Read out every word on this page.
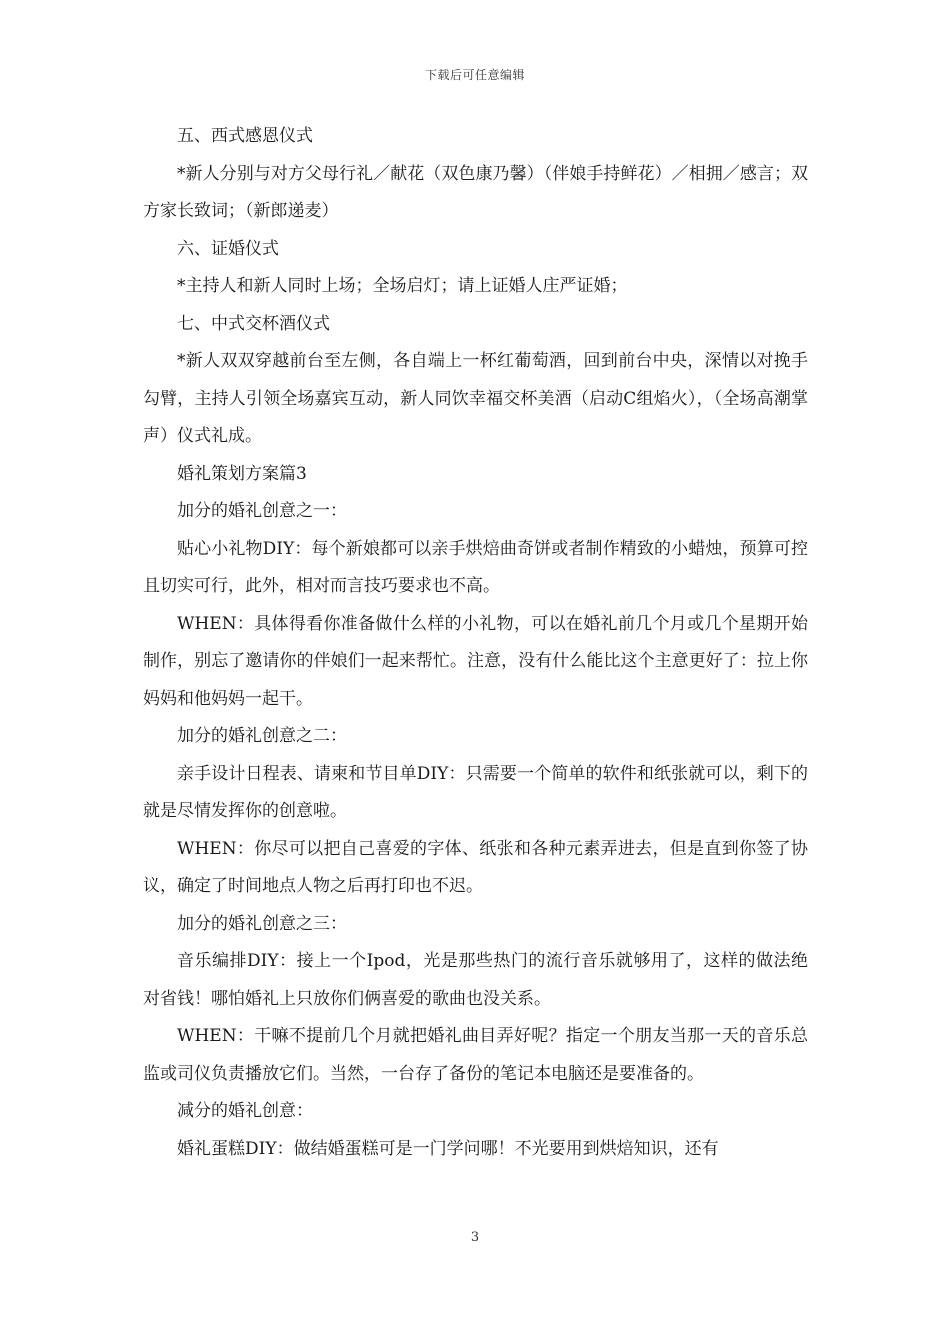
下载后可任意编辑

五、西式感恩仪式

*新人分别与对方父母行礼／献花（双色康乃馨）（伴娘手持鲜花）／相拥／感言；双方家长致词；（新郎递麦）

六、证婚仪式

*主持人和新人同时上场；全场启灯；请上证婚人庄严证婚；

七、中式交杯酒仪式

*新人双双穿越前台至左侧，各自端上一杯红葡萄酒，回到前台中央，深情以对挽手勾臂，主持人引领全场嘉宾互动，新人同饮幸福交杯美酒（启动C组焰火），（全场高潮掌声）仪式礼成。

婚礼策划方案篇3

加分的婚礼创意之一：

贴心小礼物DIY：每个新娘都可以亲手烘焙曲奇饼或者制作精致的小蜡烛，预算可控且切实可行，此外，相对而言技巧要求也不高。

WHEN：具体得看你准备做什么样的小礼物，可以在婚礼前几个月或几个星期开始制作，别忘了邀请你的伴娘们一起来帮忙。注意，没有什么能比这个主意更好了：拉上你妈妈和他妈妈一起干。

加分的婚礼创意之二：

亲手设计日程表、请柬和节目单DIY：只需要一个简单的软件和纸张就可以，剩下的就是尽情发挥你的创意啦。

WHEN：你尽可以把自己喜爱的字体、纸张和各种元素弄进去，但是直到你签了协议，确定了时间地点人物之后再打印也不迟。

加分的婚礼创意之三：

音乐编排DIY：接上一个Ipod，光是那些热门的流行音乐就够用了，这样的做法绝对省钱！哪怕婚礼上只放你们俩喜爱的歌曲也没关系。

WHEN：干嘛不提前几个月就把婚礼曲目弄好呢？指定一个朋友当那一天的音乐总监或司仪负责播放它们。当然，一台存了备份的笔记本电脑还是要准备的。

减分的婚礼创意：

婚礼蛋糕DIY：做结婚蛋糕可是一门学问哪！不光要用到烘焙知识，还有

3
